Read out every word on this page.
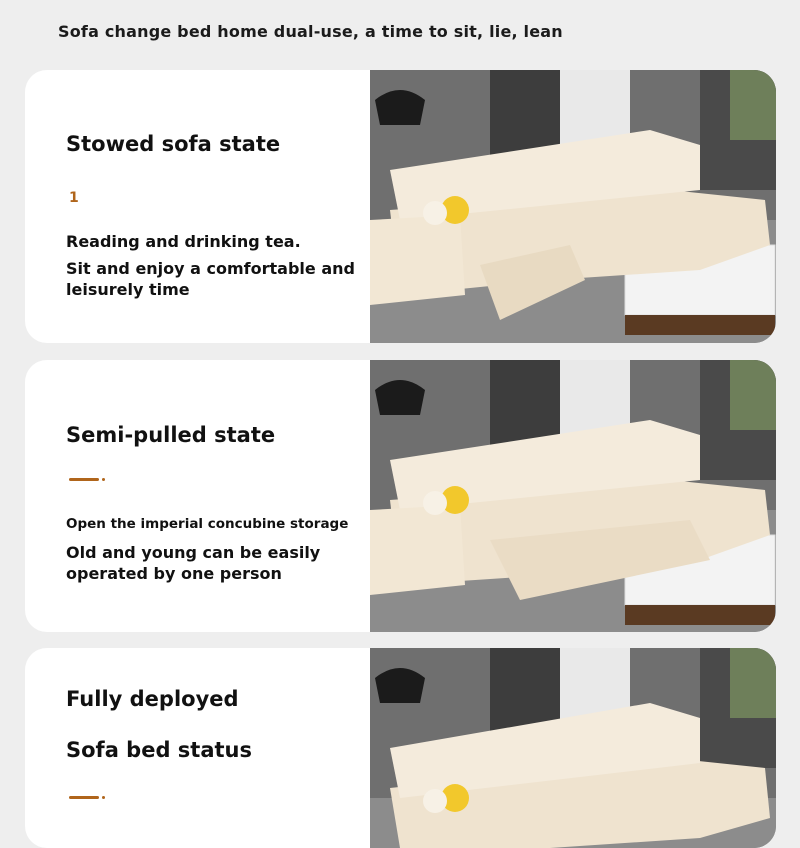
Sofa change bed home dual-use, a time to sit, lie, lean
Stowed sofa state
1
Reading and drinking tea.
Sit and enjoy a comfortable and
leisurely time
Semi-pulled state
Open the imperial concubine storage
Old and young can be easily
operated by one person
Fully deployed
Sofa bed status
